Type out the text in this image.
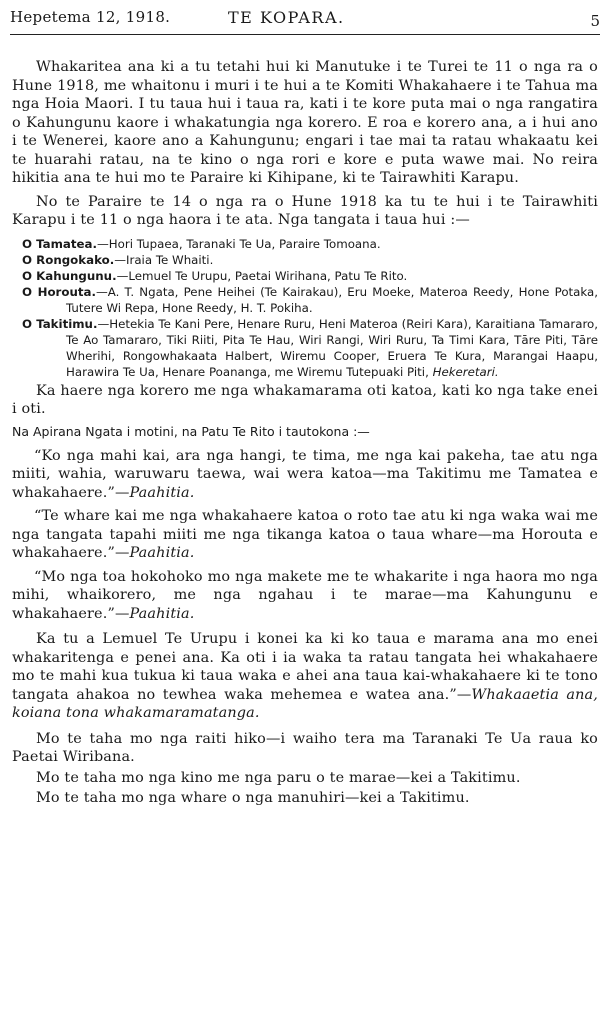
Hepetema 12, 1918.	TE KOPARA.	5

Whakaritea ana ki a tu tetahi hui ki Manutuke i te Turei te 11 o nga ra o Hune 1918, me whaitonu i muri i te hui a te Komiti Whakahaere i te Tahua ma nga Hoia Maori. I tu taua hui i taua ra, kati i te kore puta mai o nga rangatira o Kahungunu kaore i whakatungia nga korero. E roa e korero ana, a i hui ano i te Wenerei, kaore ano a Kahungunu; engari i tae mai ta ratau whakaatu kei te huarahi ratau, na te kino o nga rori e kore e puta wawe mai. No reira hikitia ana te hui mo te Paraire ki Kihipane, ki te Tairawhiti Karapu.

No te Paraire te 14 o nga ra o Hune 1918 ka tu te hui i te Tairawhiti Karapu i te 11 o nga haora i te ata. Nga tangata i taua hui :—

O Tamatea.—Hori Tupaea, Taranaki Te Ua, Paraire Tomoana.

O Rongokako.—Iraia Te Whaiti.

O Kahungunu.—Lemuel Te Urupu, Paetai Wirihana, Patu Te Rito.

O Horouta.—A. T. Ngata, Pene Heihei (Te Kairakau), Eru Moeke, Materoa Reedy, Hone Potaka, Tutere Wi Repa, Hone Reedy, H. T. Pokiha.

O Takitimu.—Hetekia Te Kani Pere, Henare Ruru, Heni Materoa (Reiri Kara), Karaitiana Tamararo, Te Ao Tamararo, Tiki Riiti, Pita Te Hau, Wiri Rangi, Wiri Ruru, Ta Timi Kara, Tāre Piti, Tāre Wherihi, Rongowhakaata Halbert, Wiremu Cooper, Eruera Te Kura, Marangai Haapu, Harawira Te Ua, Henare Poananga, me Wiremu Tutepuaki Piti, Hekeretari.

Ka haere nga korero me nga whakamarama oti katoa, kati ko nga take enei i oti.

Na Apirana Ngata i motini, na Patu Te Rito i tautokona :—

“Ko nga mahi kai, ara nga hangi, te tima, me nga kai pakeha, tae atu nga miiti, wahia, waruwaru taewa, wai wera katoa—ma Takitimu me Tamatea e whakahaere.”—Paahitia.

“Te whare kai me nga whakahaere katoa o roto tae atu ki nga waka wai me nga tangata tapahi miiti me nga tikanga katoa o taua whare—ma Horouta e whakahaere.”—Paahitia.

“Mo nga toa hokohoko mo nga makete me te whakarite i nga haora mo nga mihi, whaikorero, me nga ngahau i te marae—ma Kahungunu e whakahaere.”—Paahitia.

Ka tu a Lemuel Te Urupu i konei ka ki ko taua e marama ana mo enei whakaritenga e penei ana. Ka oti i ia waka ta ratau tangata hei whakahaere mo te mahi kua tukua ki taua waka e ahei ana taua kai-whakahaere ki te tono tangata ahakoa no tewhea waka mehemea e watea ana.”—Whakaaetia ana, koiana tona whakamaramatanga.

Mo te taha mo nga raiti hiko—i waiho tera ma Taranaki Te Ua raua ko Paetai Wiribana.

Mo te taha mo nga kino me nga paru o te marae—kei a Takitimu.

Mo te taha mo nga whare o nga manuhiri—kei a Takitimu.
